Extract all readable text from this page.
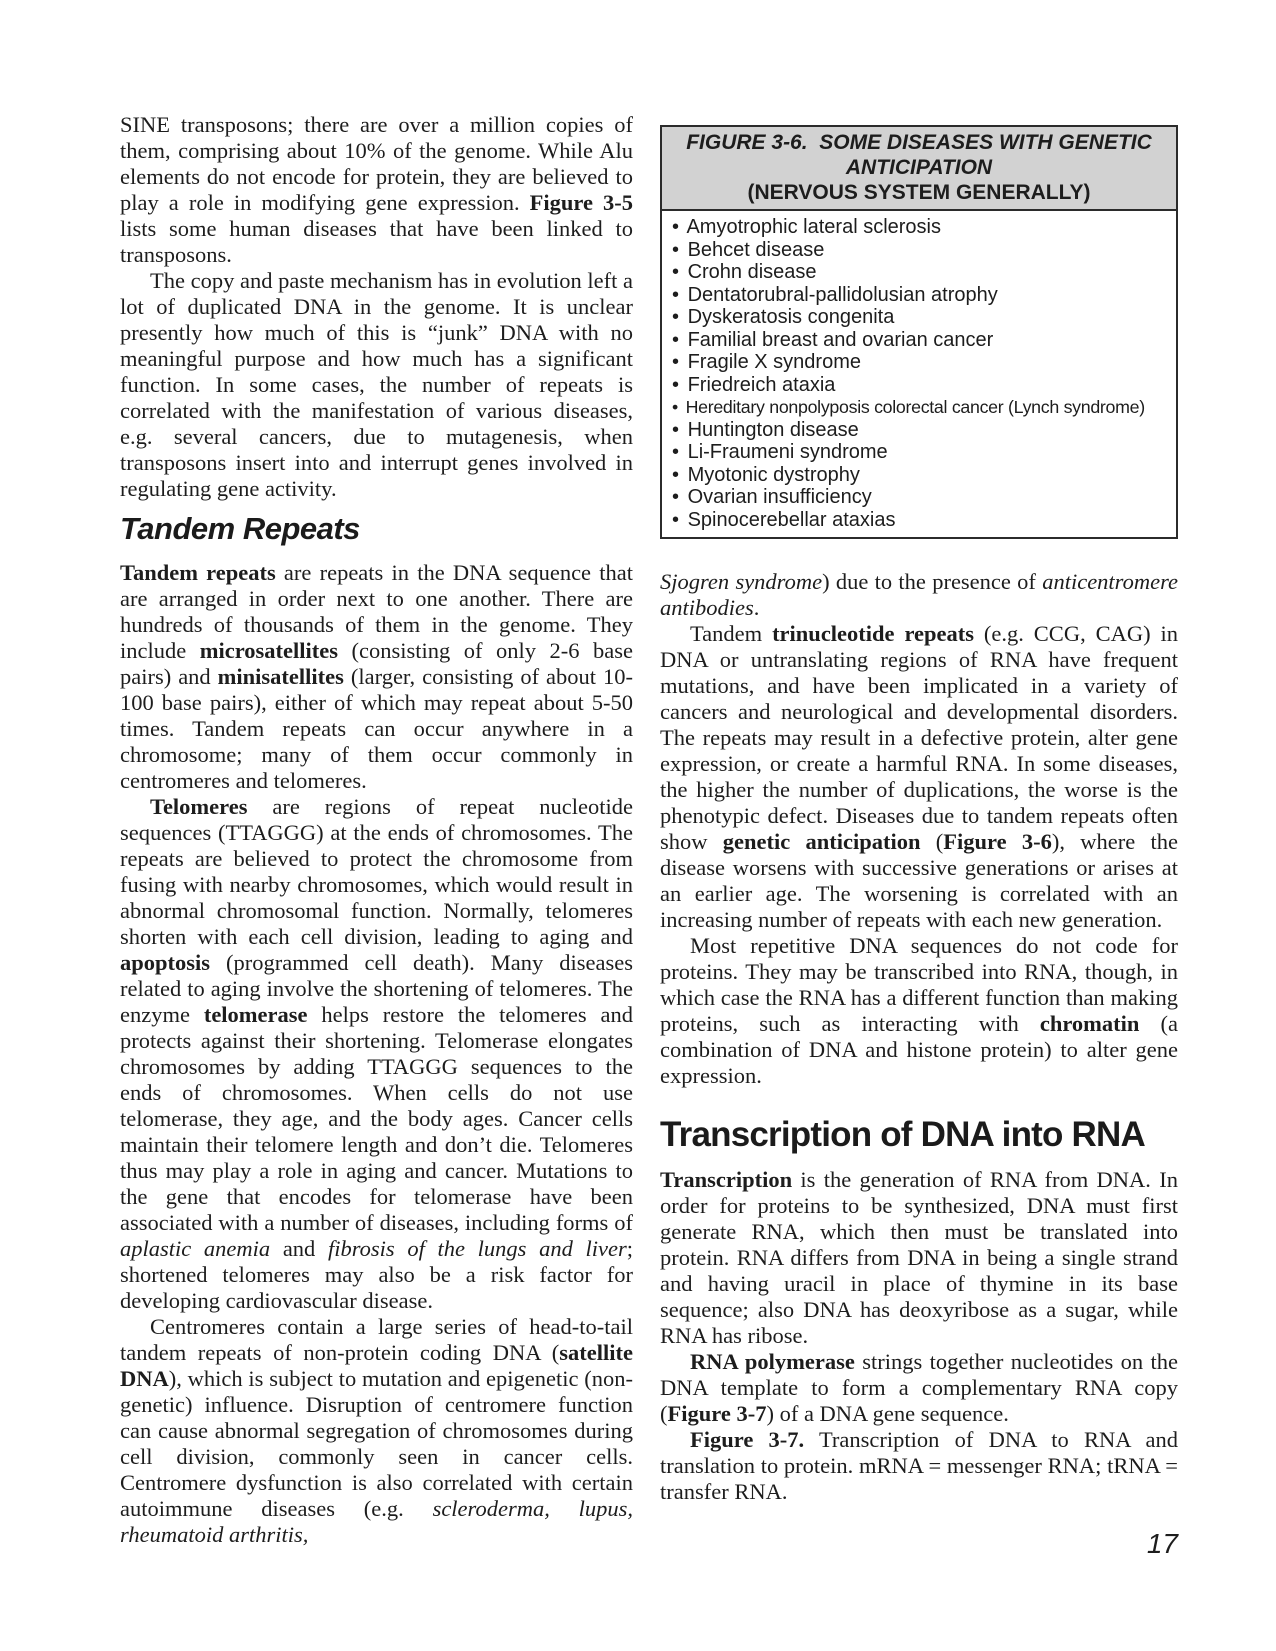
SINE transposons; there are over a million copies of them, comprising about 10% of the genome. While Alu elements do not encode for protein, they are believed to play a role in modifying gene expression. Figure 3-5 lists some human diseases that have been linked to transposons.

The copy and paste mechanism has in evolution left a lot of duplicated DNA in the genome. It is unclear presently how much of this is “junk” DNA with no meaningful purpose and how much has a significant function. In some cases, the number of repeats is correlated with the manifestation of various diseases, e.g. several cancers, due to mutagenesis, when transposons insert into and interrupt genes involved in regulating gene activity.

Tandem Repeats

Tandem repeats are repeats in the DNA sequence that are arranged in order next to one another. There are hundreds of thousands of them in the genome. They include microsatellites (consisting of only 2-6 base pairs) and minisatellites (larger, consisting of about 10-100 base pairs), either of which may repeat about 5-50 times. Tandem repeats can occur anywhere in a chromosome; many of them occur commonly in centromeres and telomeres.

Telomeres are regions of repeat nucleotide sequences (TTAGGG) at the ends of chromosomes. The repeats are believed to protect the chromosome from fusing with nearby chromosomes, which would result in abnormal chromosomal function. Normally, telomeres shorten with each cell division, leading to aging and apoptosis (programmed cell death). Many diseases related to aging involve the shortening of telomeres. The enzyme telomerase helps restore the telomeres and protects against their shortening. Telomerase elongates chromosomes by adding TTAGGG sequences to the ends of chromosomes. When cells do not use telomerase, they age, and the body ages. Cancer cells maintain their telomere length and don’t die. Telomeres thus may play a role in aging and cancer. Mutations to the gene that encodes for telomerase have been associated with a number of diseases, including forms of aplastic anemia and fibrosis of the lungs and liver; shortened telomeres may also be a risk factor for developing cardiovascular disease.

Centromeres contain a large series of head-to-tail tandem repeats of non-protein coding DNA (satellite DNA), which is subject to mutation and epigenetic (non-genetic) influence. Disruption of centromere function can cause abnormal segregation of chromosomes during cell division, commonly seen in cancer cells. Centromere dysfunction is also correlated with certain autoimmune diseases (e.g. scleroderma, lupus, rheumatoid arthritis,

FIGURE 3-6.  SOME DISEASES WITH GENETIC ANTICIPATION
(NERVOUS SYSTEM GENERALLY)
• Amyotrophic lateral sclerosis
• Behcet disease
• Crohn disease
• Dentatorubral-pallidolusian atrophy
• Dyskeratosis congenita
• Familial breast and ovarian cancer
• Fragile X syndrome
• Friedreich ataxia
• Hereditary nonpolyposis colorectal cancer (Lynch syndrome)
• Huntington disease
• Li-Fraumeni syndrome
• Myotonic dystrophy
• Ovarian insufficiency
• Spinocerebellar ataxias

Sjogren syndrome) due to the presence of anticentromere antibodies.

Tandem trinucleotide repeats (e.g. CCG, CAG) in DNA or untranslating regions of RNA have frequent mutations, and have been implicated in a variety of cancers and neurological and developmental disorders. The repeats may result in a defective protein, alter gene expression, or create a harmful RNA. In some diseases, the higher the number of duplications, the worse is the phenotypic defect. Diseases due to tandem repeats often show genetic anticipation (Figure 3-6), where the disease worsens with successive generations or arises at an earlier age. The worsening is correlated with an increasing number of repeats with each new generation.

Most repetitive DNA sequences do not code for proteins. They may be transcribed into RNA, though, in which case the RNA has a different function than making proteins, such as interacting with chromatin (a combination of DNA and histone protein) to alter gene expression.

Transcription of DNA into RNA

Transcription is the generation of RNA from DNA. In order for proteins to be synthesized, DNA must first generate RNA, which then must be translated into protein. RNA differs from DNA in being a single strand and having uracil in place of thymine in its base sequence; also DNA has deoxyribose as a sugar, while RNA has ribose.

RNA polymerase strings together nucleotides on the DNA template to form a complementary RNA copy (Figure 3-7) of a DNA gene sequence.

Figure 3-7. Transcription of DNA to RNA and translation to protein. mRNA = messenger RNA; tRNA = transfer RNA.

17
